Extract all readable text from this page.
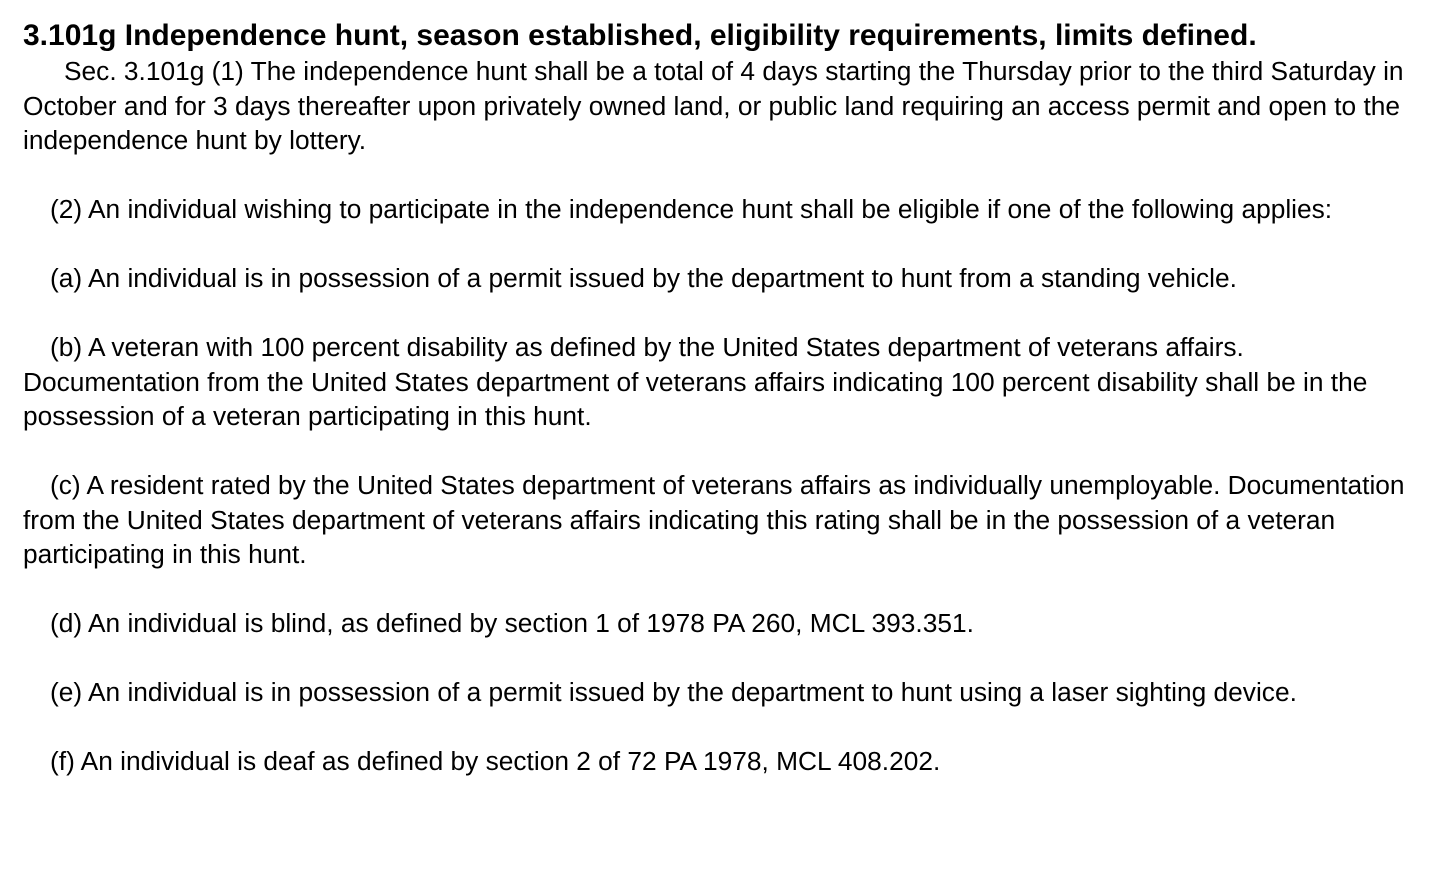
3.101g Independence hunt, season established, eligibility requirements, limits defined.

Sec. 3.101g (1) The independence hunt shall be a total of 4 days starting the Thursday prior to the third Saturday in October and for 3 days thereafter upon privately owned land, or public land requiring an access permit and open to the independence hunt by lottery.

(2) An individual wishing to participate in the independence hunt shall be eligible if one of the following applies:

(a) An individual is in possession of a permit issued by the department to hunt from a standing vehicle.

(b) A veteran with 100 percent disability as defined by the United States department of veterans affairs. Documentation from the United States department of veterans affairs indicating 100 percent disability shall be in the possession of a veteran participating in this hunt.

(c) A resident rated by the United States department of veterans affairs as individually unemployable. Documentation from the United States department of veterans affairs indicating this rating shall be in the possession of a veteran participating in this hunt.

(d) An individual is blind, as defined by section 1 of 1978 PA 260, MCL 393.351.

(e) An individual is in possession of a permit issued by the department to hunt using a laser sighting device.

(f) An individual is deaf as defined by section 2 of 72 PA 1978, MCL 408.202.
